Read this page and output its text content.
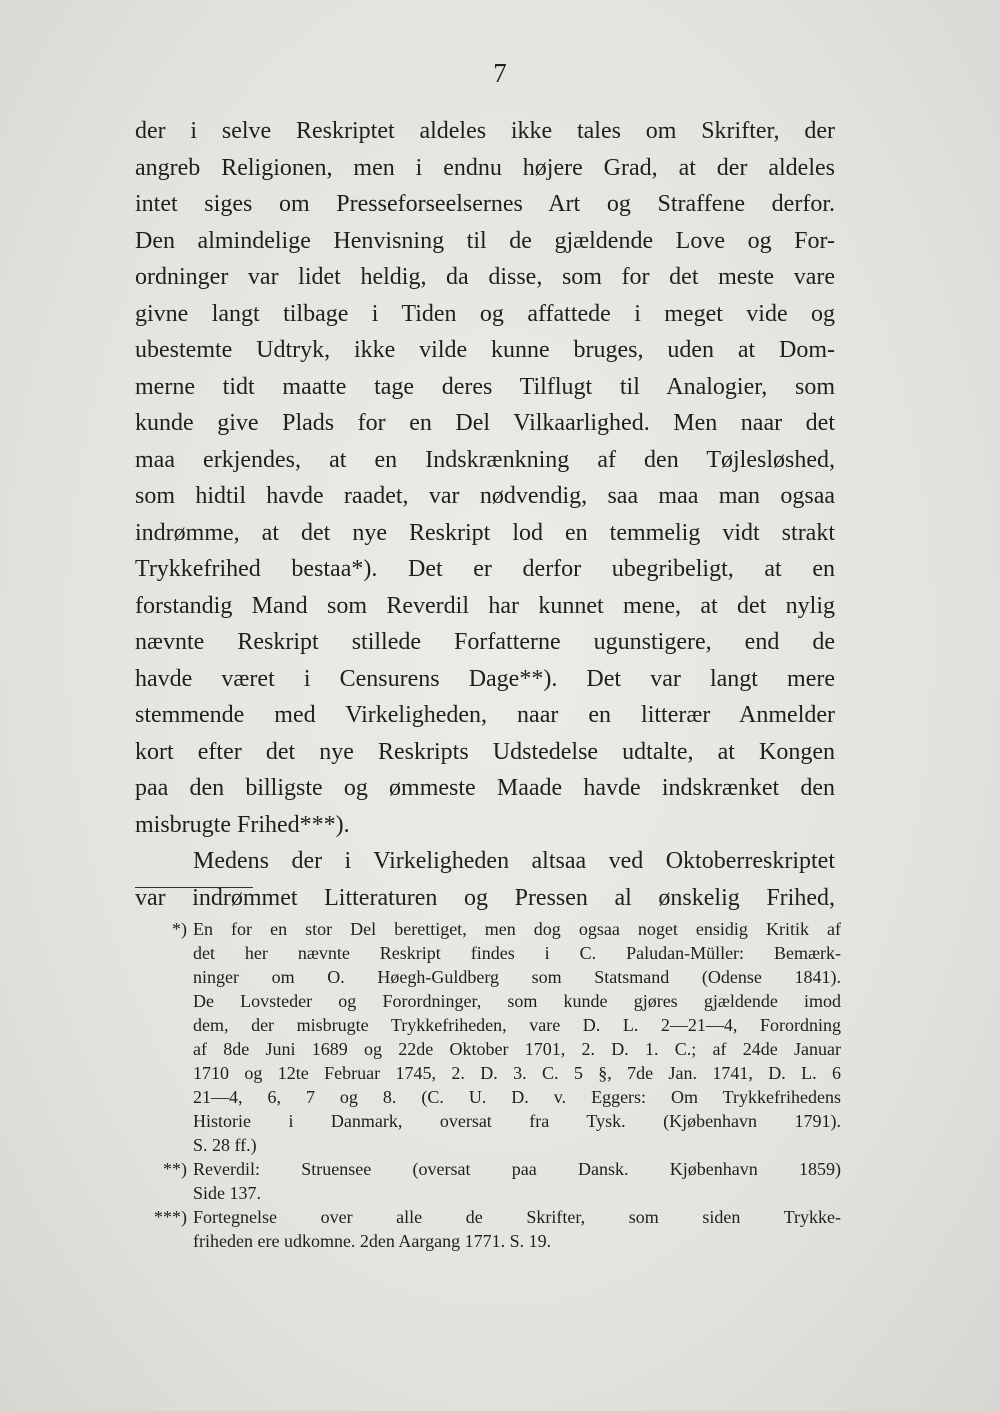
7
der i selve Reskriptet aldeles ikke tales om Skrifter, der
angreb Religionen, men i endnu højere Grad, at der aldeles
intet siges om Presseforseelsernes Art og Straffene derfor.
Den almindelige Henvisning til de gjældende Love og For-
ordninger var lidet heldig, da disse, som for det meste vare
givne langt tilbage i Tiden og affattede i meget vide og
ubestemte Udtryk, ikke vilde kunne bruges, uden at Dom-
merne tidt maatte tage deres Tilflugt til Analogier, som
kunde give Plads for en Del Vilkaarlighed. Men naar det
maa erkjendes, at en Indskrænkning af den Tøjlesløshed,
som hidtil havde raadet, var nødvendig, saa maa man ogsaa
indrømme, at det nye Reskript lod en temmelig vidt strakt
Trykkefrihed bestaa*). Det er derfor ubegribeligt, at en
forstandig Mand som Reverdil har kunnet mene, at det nylig
nævnte Reskript stillede Forfatterne ugunstigere, end de
havde været i Censurens Dage**). Det var langt mere
stemmende med Virkeligheden, naar en litterær Anmelder
kort efter det nye Reskripts Udstedelse udtalte, at Kongen
paa den billigste og ømmeste Maade havde indskrænket den
misbrugte Frihed***).
Medens der i Virkeligheden altsaa ved Oktoberreskriptet
var indrømmet Litteraturen og Pressen al ønskelig Frihed,
*) En for en stor Del berettiget, men dog ogsaa noget ensidig Kritik af
det her nævnte Reskript findes i C. Paludan-Müller: Bemærk-
ninger om O. Høegh-Guldberg som Statsmand (Odense 1841).
De Lovsteder og Forordninger, som kunde gjøres gjældende imod
dem, der misbrugte Trykkefriheden, vare D. L. 2—21—4, Forordning
af 8de Juni 1689 og 22de Oktober 1701, 2. D. 1. C.; af 24de Januar
1710 og 12te Februar 1745, 2. D. 3. C. 5 §, 7de Jan. 1741, D. L. 6
21—4, 6, 7 og 8. (C. U. D. v. Eggers: Om Trykkefrihedens
Historie i Danmark, oversat fra Tysk. (Kjøbenhavn 1791).
S. 28 ff.)
**) Reverdil: Struensee (oversat paa Dansk. Kjøbenhavn 1859)
Side 137.
***) Fortegnelse over alle de Skrifter, som siden Trykke-
friheden ere udkomne. 2den Aargang 1771. S. 19.
